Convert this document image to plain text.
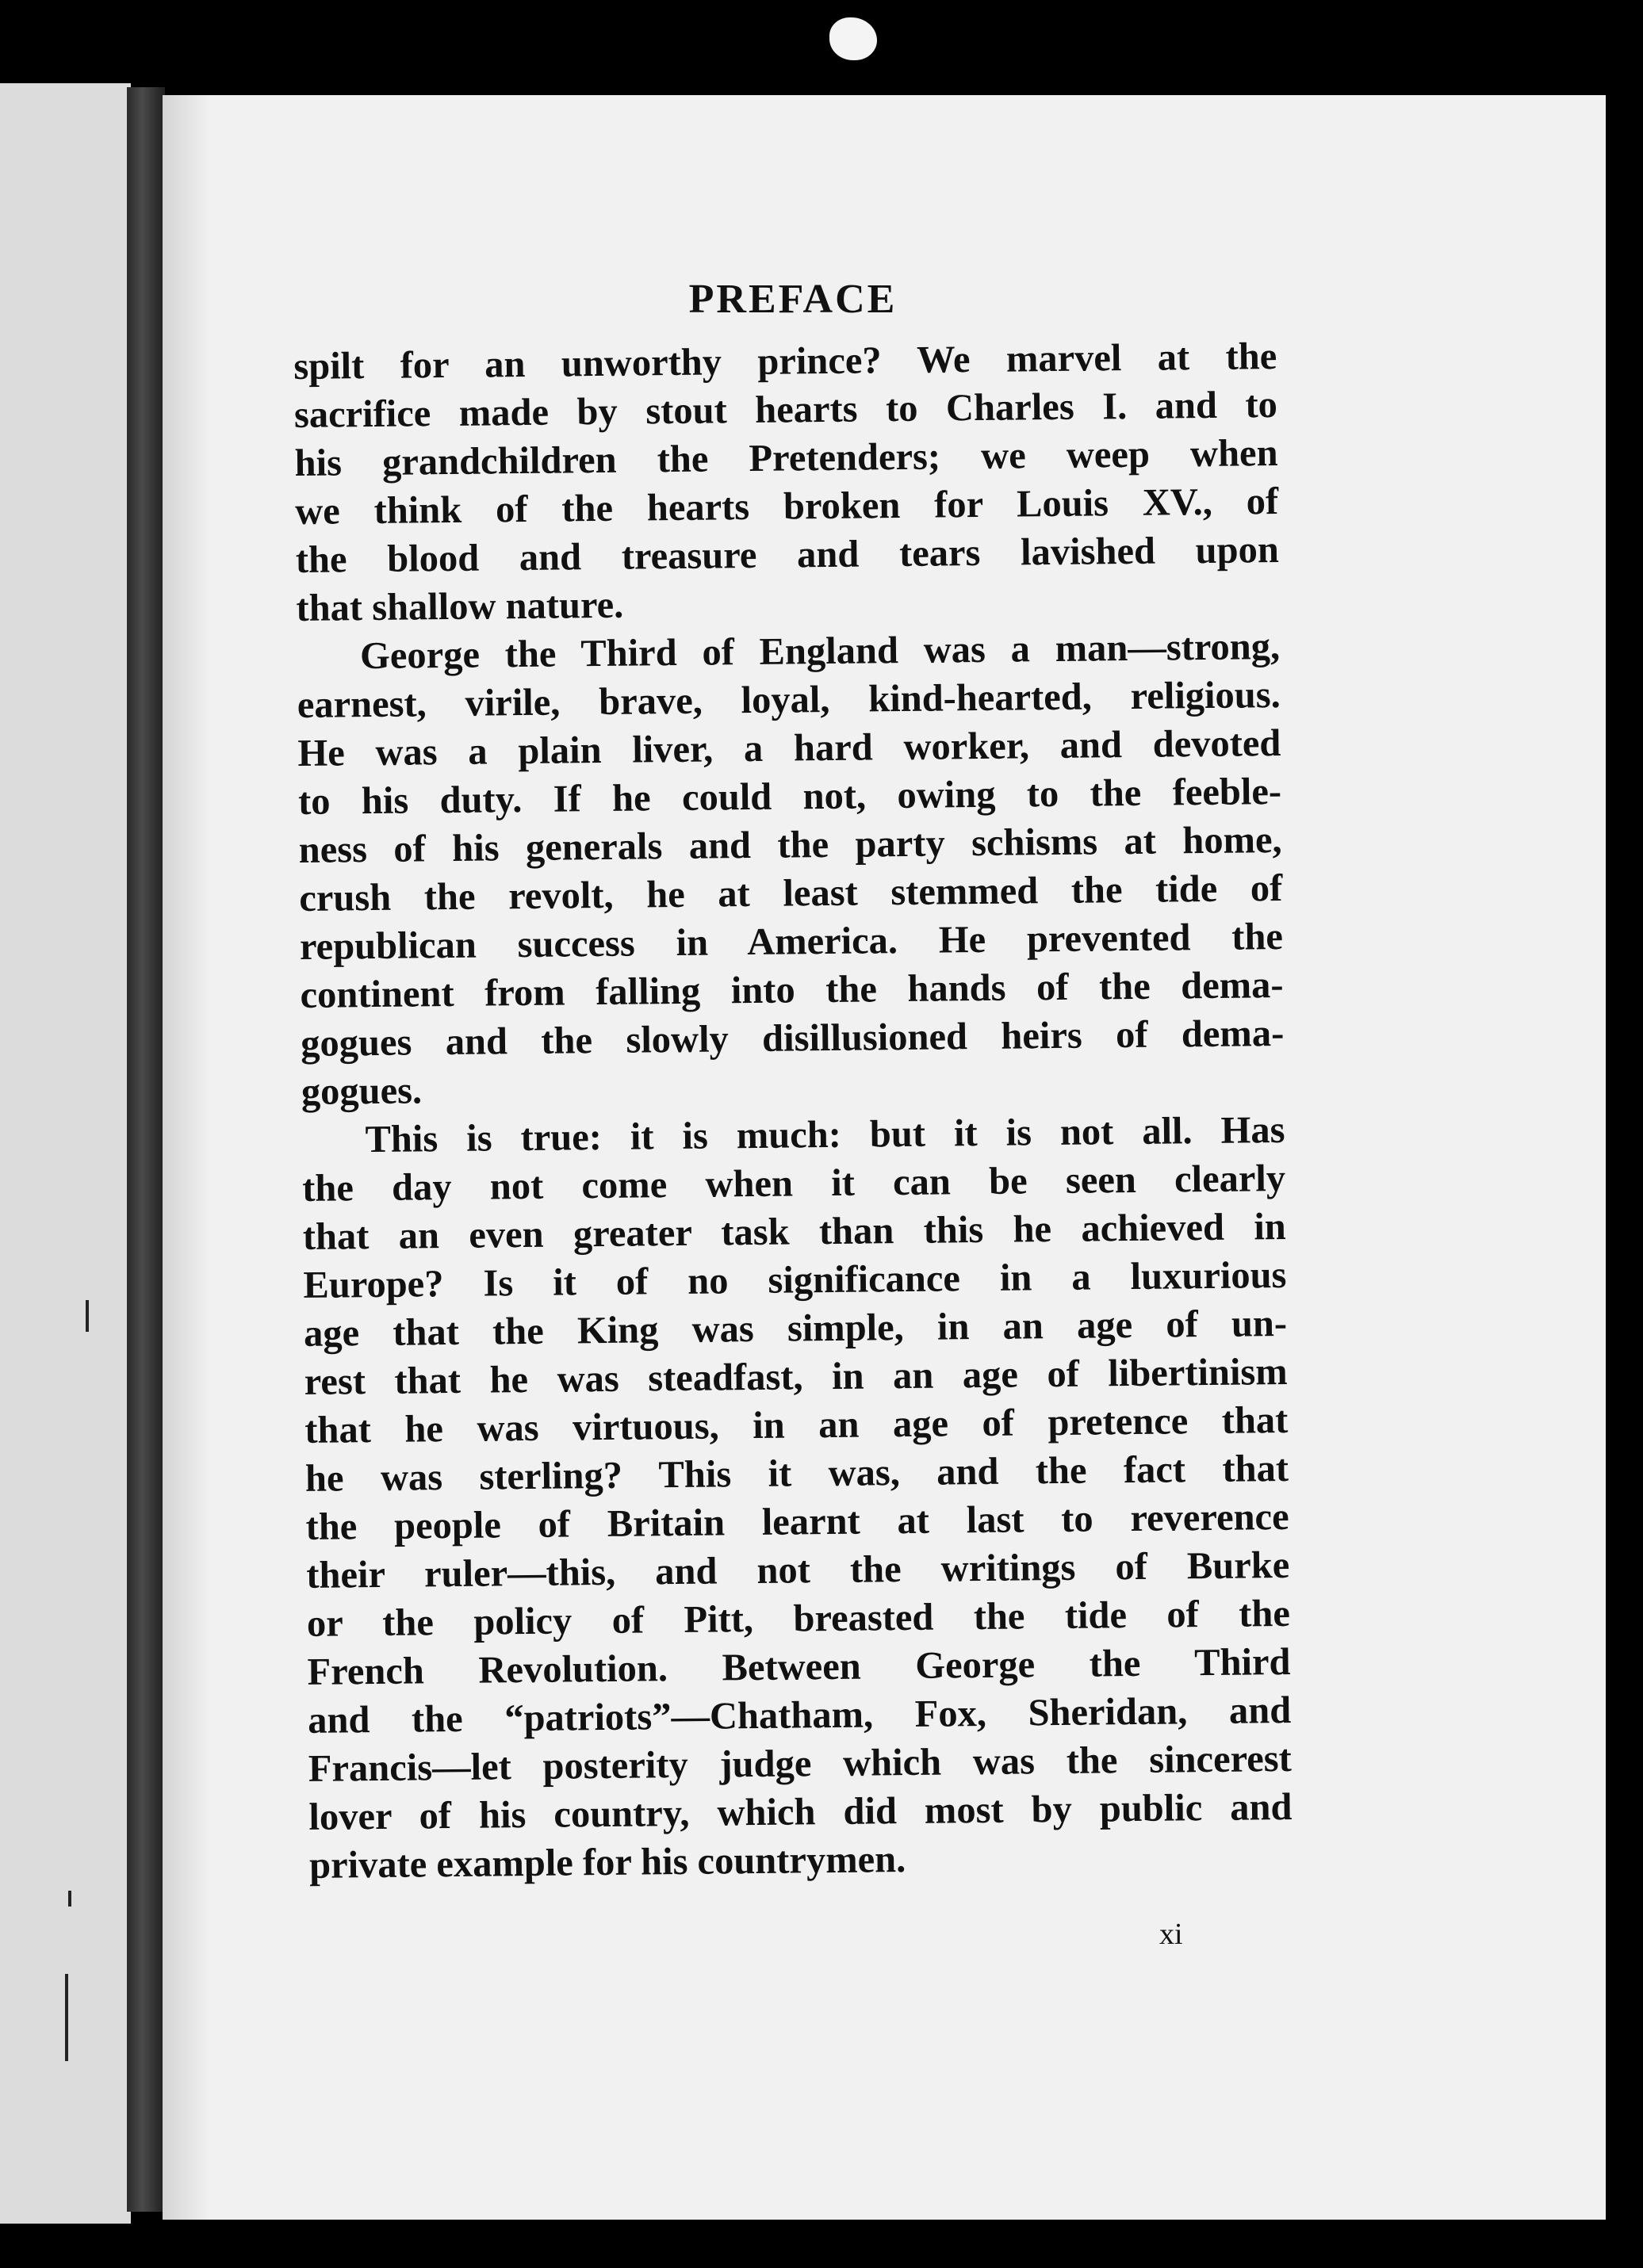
PREFACE
spilt for an unworthy prince? We marvel at the
sacrifice made by stout hearts to Charles I. and to
his grandchildren the Pretenders; we weep when
we think of the hearts broken for Louis XV., of
the blood and treasure and tears lavished upon
that shallow nature.
George the Third of England was a man—strong,
earnest, virile, brave, loyal, kind-hearted, religious.
He was a plain liver, a hard worker, and devoted
to his duty. If he could not, owing to the feeble-
ness of his generals and the party schisms at home,
crush the revolt, he at least stemmed the tide of
republican success in America. He prevented the
continent from falling into the hands of the dema-
gogues and the slowly disillusioned heirs of dema-
gogues.
This is true: it is much: but it is not all. Has
the day not come when it can be seen clearly
that an even greater task than this he achieved in
Europe? Is it of no significance in a luxurious
age that the King was simple, in an age of un-
rest that he was steadfast, in an age of libertinism
that he was virtuous, in an age of pretence that
he was sterling? This it was, and the fact that
the people of Britain learnt at last to reverence
their ruler—this, and not the writings of Burke
or the policy of Pitt, breasted the tide of the
French Revolution. Between George the Third
and the “patriots”—Chatham, Fox, Sheridan, and
Francis—let posterity judge which was the sincerest
lover of his country, which did most by public and
private example for his countrymen.
xi
